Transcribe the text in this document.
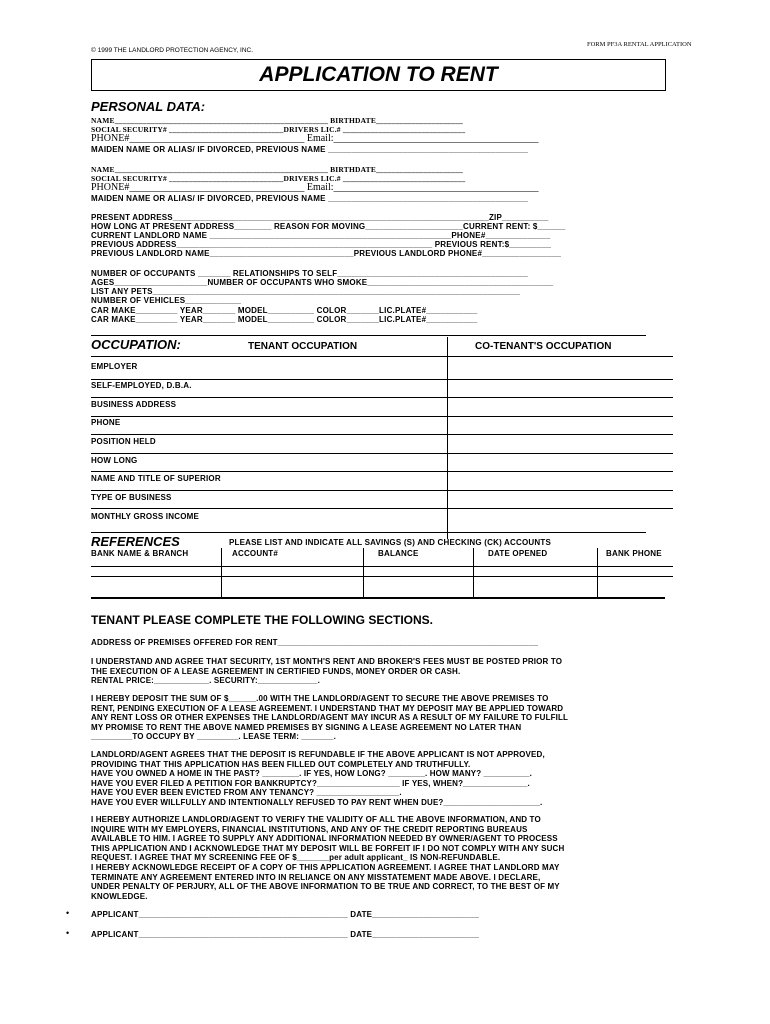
FORM PF3A RENTAL APPLICATION
© 1999 THE LANDLORD PROTECTION AGENCY, INC.
APPLICATION TO RENT
PERSONAL DATA:
NAME______________________________________________________ BIRTHDATE______________________
SOCIAL SECURITY# _____________________________DRIVERS LIC.# _______________________________
PHONE#___________________________________ Email:_________________________________________
MAIDEN NAME OR ALIAS/ IF DIVORCED, PREVIOUS NAME ___________________________________________
NAME______________________________________________________ BIRTHDATE______________________
SOCIAL SECURITY# _____________________________DRIVERS LIC.# _______________________________
PHONE#___________________________________ Email:_________________________________________
MAIDEN NAME OR ALIAS/ IF DIVORCED, PREVIOUS NAME ___________________________________________
PRESENT ADDRESS____________________________________________________________________ZIP__________
HOW LONG AT PRESENT ADDRESS________ REASON FOR MOVING_____________________CURRENT RENT: $______
CURRENT LANDLORD NAME ____________________________________________________PHONE#______________
PREVIOUS ADDRESS_______________________________________________________ PREVIOUS RENT:$_________
PREVIOUS LANDLORD NAME_______________________________PREVIOUS LANDLORD PHONE#_________________
NUMBER OF OCCUPANTS _______ RELATIONSHIPS TO SELF_________________________________________
AGES____________________NUMBER OF OCCUPANTS WHO SMOKE________________________________________
LIST ANY PETS_______________________________________________________________________________
NUMBER OF VEHICLES____________
CAR MAKE_________ YEAR_______ MODEL__________ COLOR_______LIC.PLATE#___________
CAR MAKE_________ YEAR_______ MODEL__________ COLOR_______LIC.PLATE#___________
OCCUPATION:	TENANT OCCUPATION	CO-TENANT'S OCCUPATION
EMPLOYER
SELF-EMPLOYED, D.B.A.
BUSINESS ADDRESS
PHONE
POSITION HELD
HOW LONG
NAME AND TITLE OF SUPERIOR
TYPE OF BUSINESS
MONTHLY GROSS INCOME
REFERENCES	PLEASE LIST AND INDICATE ALL SAVINGS (S) AND CHECKING (CK) ACCOUNTS
BANK NAME & BRANCH	ACCOUNT#	BALANCE	DATE OPENED	BANK PHONE
TENANT PLEASE COMPLETE THE FOLLOWING SECTIONS.
ADDRESS OF PREMISES OFFERED FOR RENT________________________________________________________
I UNDERSTAND AND AGREE THAT SECURITY, 1ST MONTH'S RENT AND BROKER'S FEES MUST BE POSTED PRIOR TO
THE EXECUTION OF A LEASE AGREEMENT IN CERTIFIED FUNDS, MONEY ORDER OR CASH.
RENTAL PRICE:____________. SECURITY:_____________.
I HEREBY DEPOSIT THE SUM OF $______.00 WITH THE LANDLORD/AGENT TO SECURE THE ABOVE PREMISES TO
RENT, PENDING EXECUTION OF A LEASE AGREEMENT. I UNDERSTAND THAT MY DEPOSIT MAY BE APPLIED TOWARD
ANY RENT LOSS OR OTHER EXPENSES THE LANDLORD/AGENT MAY INCUR AS A RESULT OF MY FAILURE TO FULFILL
MY PROMISE TO RENT THE ABOVE NAMED PREMISES BY SIGNING A LEASE AGREEMENT NO LATER THAN
_________TO OCCUPY BY _________. LEASE TERM: _______.
LANDLORD/AGENT AGREES THAT THE DEPOSIT IS REFUNDABLE IF THE ABOVE APPLICANT IS NOT APPROVED,
PROVIDING THAT THIS APPLICATION HAS BEEN FILLED OUT COMPLETELY AND TRUTHFULLY.
HAVE YOU OWNED A HOME IN THE PAST? ________. IF YES, HOW LONG? ________. HOW MANY? __________.
HAVE YOU EVER FILED A PETITION FOR BANKRUPTCY?__________________ IF YES, WHEN?______________.
HAVE YOU EVER BEEN EVICTED FROM ANY TENANCY? __________________.
HAVE YOU EVER WILLFULLY AND INTENTIONALLY REFUSED TO PAY RENT WHEN DUE?_____________________.
I HEREBY AUTHORIZE LANDLORD/AGENT TO VERIFY THE VALIDITY OF ALL THE ABOVE INFORMATION, AND TO
INQUIRE WITH MY EMPLOYERS, FINANCIAL INSTITUTIONS, AND ANY OF THE CREDIT REPORTING BUREAUS
AVAILABLE TO HIM. I AGREE TO SUPPLY ANY ADDITIONAL INFORMATION NEEDED BY OWNER/AGENT TO PROCESS
THIS APPLICATION AND I ACKNOWLEDGE THAT MY DEPOSIT WILL BE FORFEIT IF I DO NOT COMPLY WITH ANY SUCH
REQUEST. I AGREE THAT MY SCREENING FEE OF $_______per adult applicant_ IS NON-REFUNDABLE.
I HEREBY ACKNOWLEDGE RECEIPT OF A COPY OF THIS APPLICATION AGREEMENT. I AGREE THAT LANDLORD MAY
TERMINATE ANY AGREEMENT ENTERED INTO IN RELIANCE ON ANY MISSTATEMENT MADE ABOVE. I DECLARE,
UNDER PENALTY OF PERJURY, ALL OF THE ABOVE INFORMATION TO BE TRUE AND CORRECT, TO THE BEST OF MY
KNOWLEDGE.
•	APPLICANT_____________________________________________ DATE_______________________
•	APPLICANT_____________________________________________ DATE_______________________
